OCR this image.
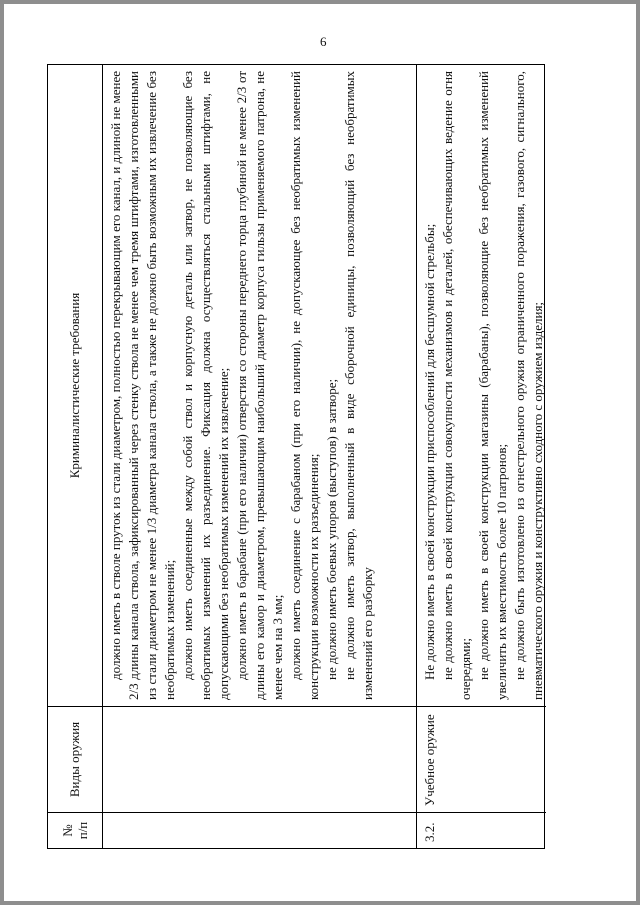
6
№ п/п
Виды оружия
Криминалистические требования	должно иметь в стволе пруток из стали диаметром, полностью перекрывающим его канал, и длиной не менее 2/3 длины канала ствола, зафиксированный через стенку ствола не менее чем тремя штифтами, изготовленными из стали диаметром не менее 1/3 диаметра канала ствола, а также не должно быть возможным их извлечение без необратимых изменений; должно иметь соединенные между собой ствол и корпусную деталь или затвор, не позволяющие без необратимых изменений их разъединение. Фиксация должна осуществляться стальными штифтами, не допускающими без необратимых изменений их извлечение; должно иметь в барабане (при его наличии) отверстия со стороны переднего торца глубиной не менее 2/3 от длины его камор и диаметром, превышающим наибольший диаметр корпуса гильзы применяемого патрона, не менее чем на 3 мм; должно иметь соединение с барабаном (при его наличии), не допускающее без необратимых изменений конструкции возможности их разъединения; не должно иметь боевых упоров (выступов) в затворе; не должно иметь затвор, выполненный в виде сборочной единицы, позволяющий без необратимых изменений его разборку

3.2.
Учебное оружие

Не должно иметь в своей конструкции приспособлений для бесшумной стрельбы; не должно иметь в своей конструкции совокупности механизмов и деталей, обеспечивающих ведение огня очередями; не должно иметь в своей конструкции магазины (барабаны), позволяющие без необратимых изменений увеличить их вместимость более 10 патронов; не должно быть изготовлено из огнестрельного оружия ограниченного поражения, газового, сигнального, пневматического оружия и конструктивно сходного с оружием изделия;
